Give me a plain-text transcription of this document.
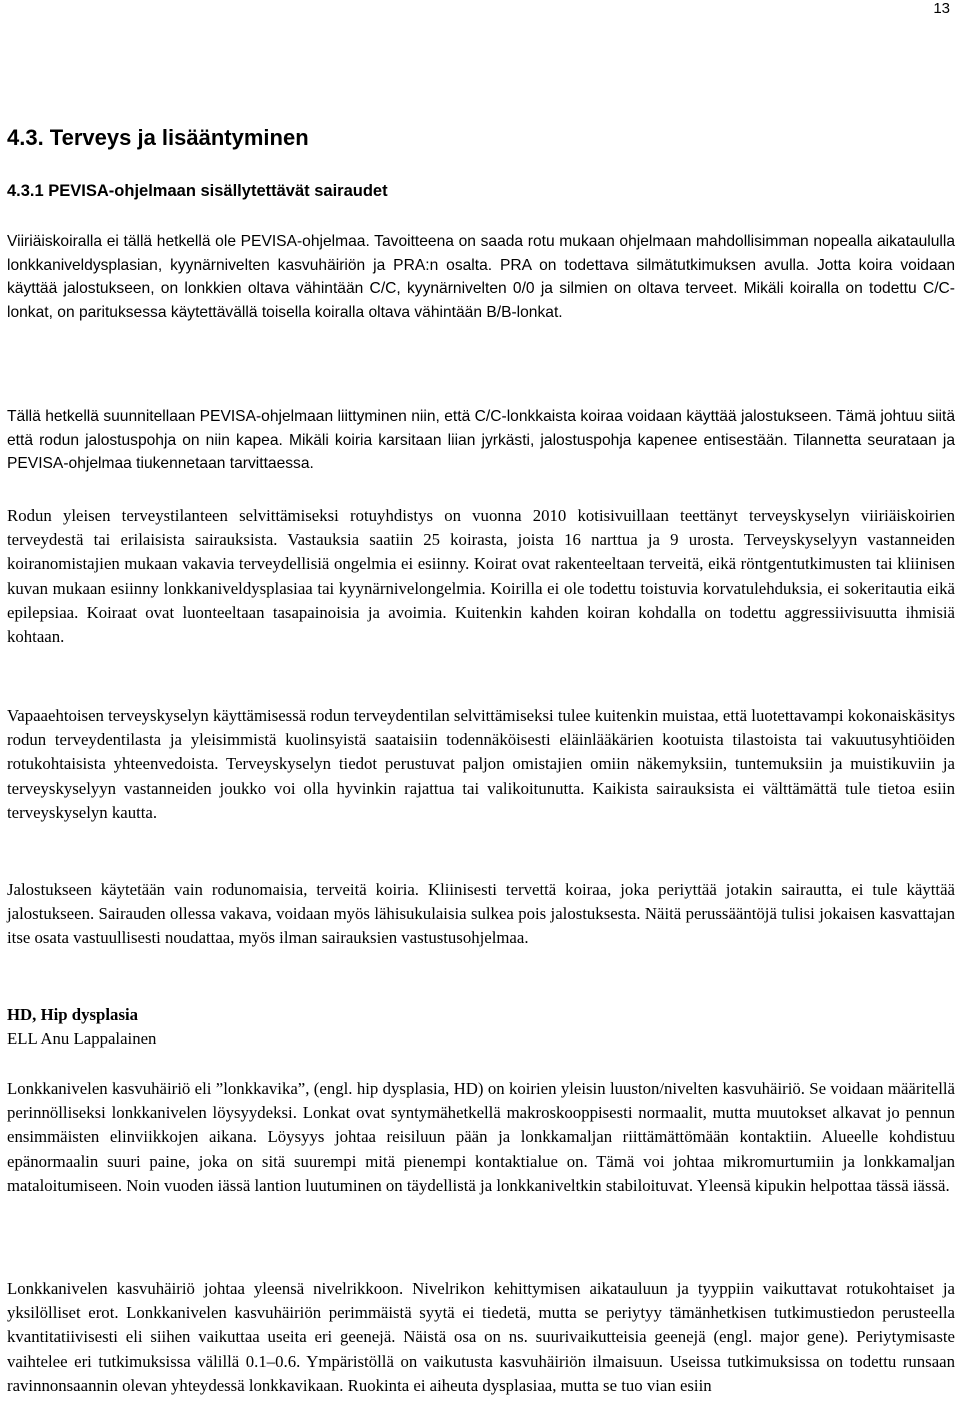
13
4.3. Terveys ja lisääntyminen
4.3.1 PEVISA-ohjelmaan sisällytettävät sairaudet

Viiriäiskoiralla ei tällä hetkellä ole PEVISA-ohjelmaa. Tavoitteena on saada rotu mukaan ohjelmaan mahdollisimman nopealla aikataululla lonkkaniveldysplasian, kyynärnivelten kasvuhäiriön ja PRA:n osalta. PRA on todettava silmätutkimuksen avulla. Jotta koira voidaan käyttää jalostukseen, on lonkkien oltava vähintään C/C, kyynärnivelten 0/0 ja silmien on oltava terveet. Mikäli koiralla on todettu C/C-lonkat, on parituksessa käytettävällä toisella koiralla oltava vähintään B/B-lonkat.

Tällä hetkellä suunnitellaan PEVISA-ohjelmaan liittyminen niin, että C/C-lonkkaista koiraa voidaan käyttää jalostukseen. Tämä johtuu siitä että rodun jalostuspohja on niin kapea. Mikäli koiria karsitaan liian jyrkästi, jalostuspohja kapenee entisestään. Tilannetta seurataan ja PEVISA-ohjelmaa tiukennetaan tarvittaessa.

Rodun yleisen terveystilanteen selvittämiseksi rotuyhdistys on vuonna 2010 kotisivuillaan teettänyt terveyskyselyn viiriäiskoirien terveydestä tai erilaisista sairauksista. Vastauksia saatiin 25 koirasta, joista 16 narttua ja 9 urosta. Terveyskyselyyn vastanneiden koiranomistajien mukaan vakavia terveydellisiä ongelmia ei esiinny. Koirat ovat rakenteeltaan terveitä, eikä röntgentutkimusten tai kliinisen kuvan mukaan esiinny lonkkaniveldysplasiaa tai kyynärnivelongelmia. Koirilla ei ole todettu toistuvia korvatulehduksia, ei sokeritautia eikä epilepsiaa. Koiraat ovat luonteeltaan tasapainoisia ja avoimia. Kuitenkin kahden koiran kohdalla on todettu aggressiivisuutta ihmisiä kohtaan.

Vapaaehtoisen terveyskyselyn käyttämisessä rodun terveydentilan selvittämiseksi tulee kuitenkin muistaa, että luotettavampi kokonaiskäsitys rodun terveydentilasta ja yleisimmistä kuolinsyistä saataisiin todennäköisesti eläinlääkärien kootuista tilastoista tai vakuutusyhtiöiden rotukohtaisista yhteenvedoista. Terveyskyselyn tiedot perustuvat paljon omistajien omiin näkemyksiin, tuntemuksiin ja muistikuviin ja terveyskyselyyn vastanneiden joukko voi olla hyvinkin rajattua tai valikoitunutta. Kaikista sairauksista ei välttämättä tule tietoa esiin terveyskyselyn kautta.

Jalostukseen käytetään vain rodunomaisia, terveitä koiria. Kliinisesti tervettä koiraa, joka periyttää jotakin sairautta, ei tule käyttää jalostukseen. Sairauden ollessa vakava, voidaan myös lähisukulaisia sulkea pois jalostuksesta. Näitä perussääntöjä tulisi jokaisen kasvattajan itse osata vastuullisesti noudattaa, myös ilman sairauksien vastustusohjelmaa.

HD, Hip dysplasia
ELL Anu Lappalainen

Lonkkanivelen kasvuhäiriö eli ”lonkkavika”, (engl. hip dysplasia, HD) on koirien yleisin luuston/nivelten kasvuhäiriö. Se voidaan määritellä perinnölliseksi lonkkanivelen löysyydeksi. Lonkat ovat syntymähetkellä makroskooppisesti normaalit, mutta muutokset alkavat jo pennun ensimmäisten elinviikkojen aikana. Löysyys johtaa reisiluun pään ja lonkkamaljan riittämättömään kontaktiin. Alueelle kohdistuu epänormaalin suuri paine, joka on sitä suurempi mitä pienempi kontaktialue on. Tämä voi johtaa mikromurtumiin ja lonkkamaljan mataloitumiseen. Noin vuoden iässä lantion luutuminen on täydellistä ja lonkkaniveltkin stabiloituvat. Yleensä kipukin helpottaa tässä iässä.

Lonkkanivelen kasvuhäiriö johtaa yleensä nivelrikkoon. Nivelrikon kehittymisen aikatauluun ja tyyppiin vaikuttavat rotukohtaiset ja yksilölliset erot. Lonkkanivelen kasvuhäiriön perimmäistä syytä ei tiedetä, mutta se periytyy tämänhetkisen tutkimustiedon perusteella kvantitatiivisesti eli siihen vaikuttaa useita eri geenejä. Näistä osa on ns. suurivaikutteisia geenejä (engl. major gene). Periytymisaste vaihtelee eri tutkimuksissa välillä 0.1–0.6. Ympäristöllä on vaikutusta kasvuhäiriön ilmaisuun. Useissa tutkimuksissa on todettu runsaan ravinnonsaannin olevan yhteydessä lonkkavikaan. Ruokinta ei aiheuta dysplasiaa, mutta se tuo vian esiin
